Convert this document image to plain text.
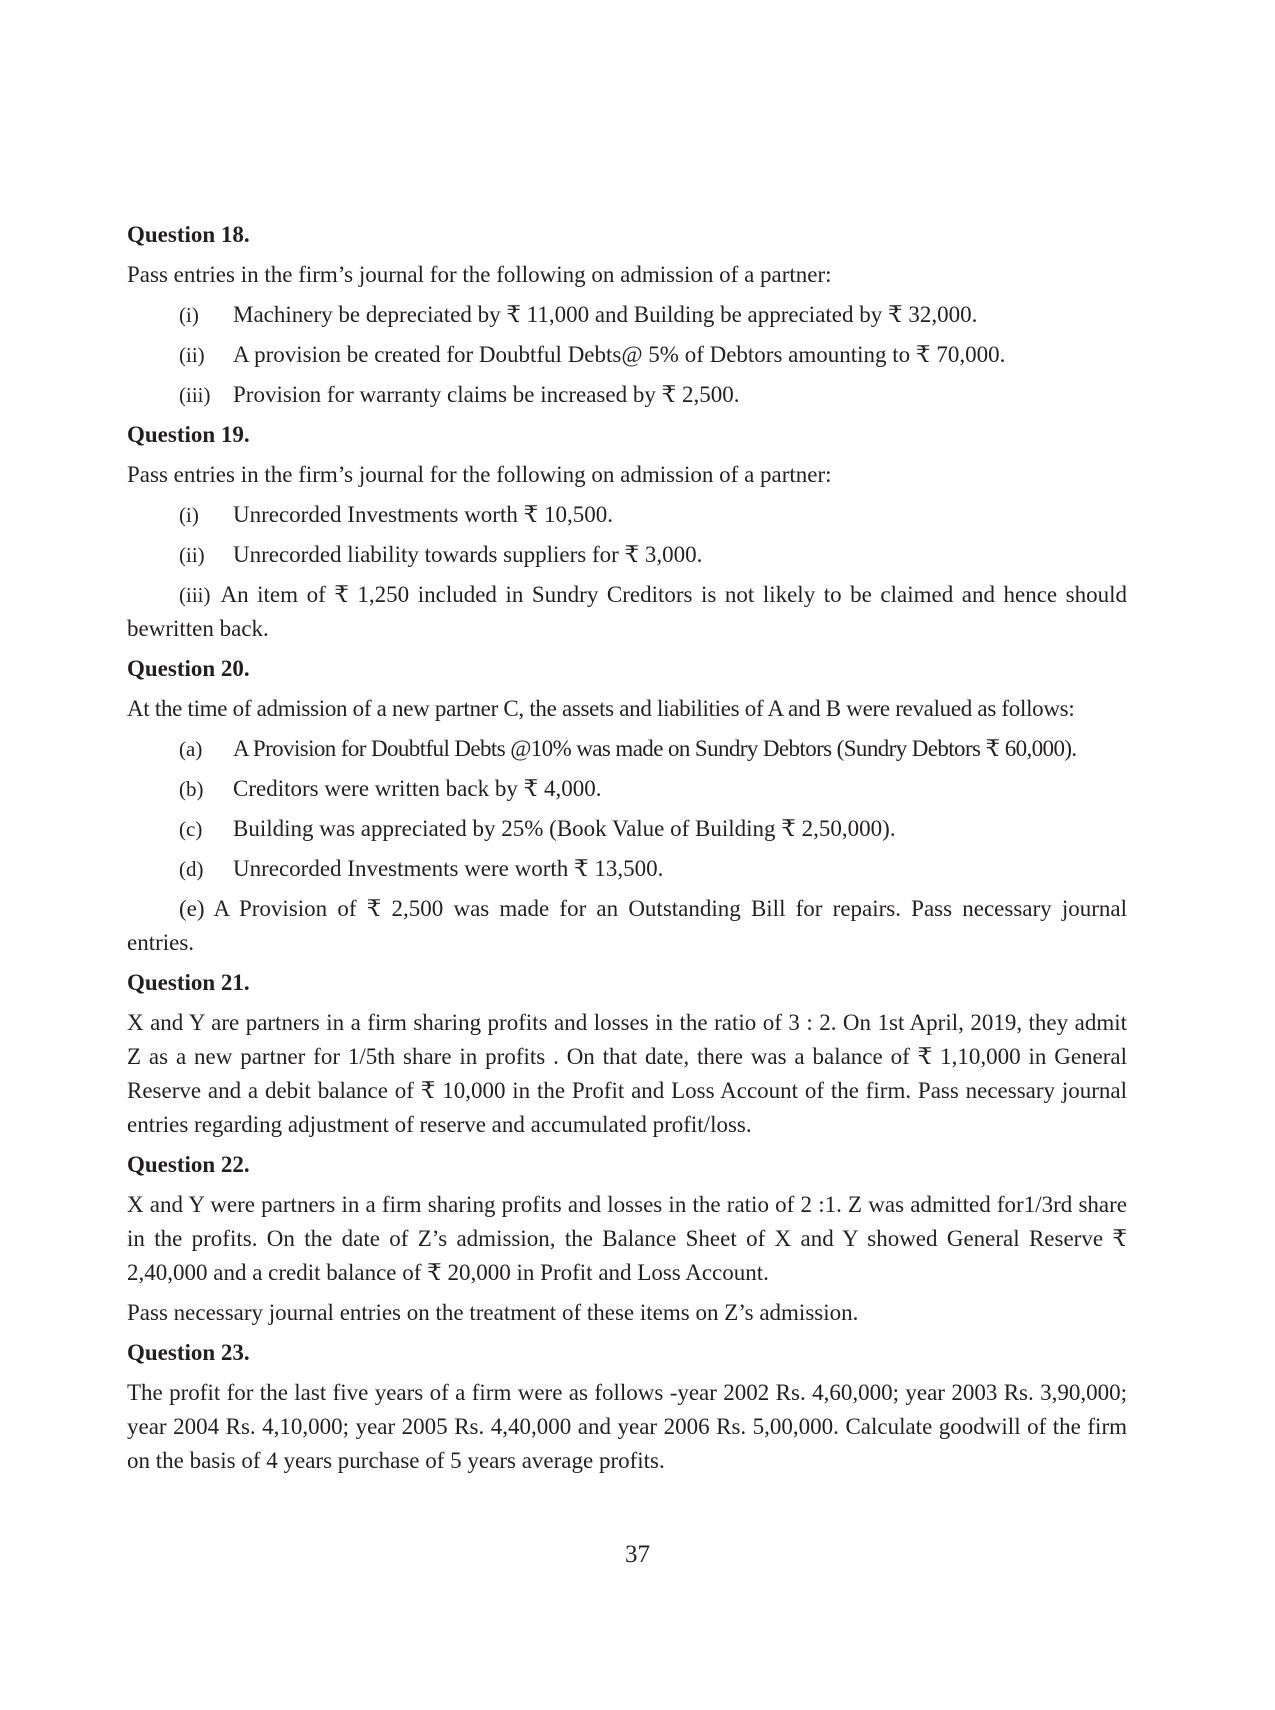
Question 18.

Pass entries in the firm’s journal for the following on admission of a partner:

(i)	Machinery be depreciated by ₹ 11,000 and Building be appreciated by ₹ 32,000.
(ii)	A provision be created for Doubtful Debts@ 5% of Debtors amounting to ₹ 70,000.
(iii) Provision for warranty claims be increased by ₹ 2,500.

Question 19.

Pass entries in the firm’s journal for the following on admission of a partner:

(i)	Unrecorded Investments worth ₹ 10,500.
(ii)	Unrecorded liability towards suppliers for ₹ 3,000.

(iii) An item of ₹ 1,250 included in Sundry Creditors is not likely to be claimed and hence should bewritten back.

Question 20.

At the time of admission of a new partner C, the assets and liabilities of A and B were revalued as follows:

(a)	A Provision for Doubtful Debts @10% was made on Sundry Debtors (Sundry Debtors ₹ 60,000).
(b)	Creditors were written back by ₹ 4,000.
(c)	Building was appreciated by 25% (Book Value of Building ₹ 2,50,000).
(d)	Unrecorded Investments were worth ₹ 13,500.

(e) A Provision of ₹ 2,500 was made for an Outstanding Bill for repairs. Pass necessary journal entries.

Question 21.

X and Y are partners in a firm sharing profits and losses in the ratio of 3 : 2. On 1st April, 2019, they admit Z as a new partner for 1/5th share in profits . On that date, there was a balance of ₹ 1,10,000 in General Reserve and a debit balance of ₹ 10,000 in the Profit and Loss Account of the firm. Pass necessary journal entries regarding adjustment of reserve and accumulated profit/loss.

Question 22.

X and Y were partners in a firm sharing profits and losses in the ratio of 2 :1. Z was admitted for1/3rd share in the profits. On the date of Z’s admission, the Balance Sheet of X and Y showed General Reserve ₹ 2,40,000 and a credit balance of ₹ 20,000 in Profit and Loss Account.

Pass necessary journal entries on the treatment of these items on Z’s admission.

Question 23.

The profit for the last five years of a firm were as follows -year 2002 Rs. 4,60,000; year 2003 Rs. 3,90,000; year 2004 Rs. 4,10,000; year 2005 Rs. 4,40,000 and year 2006 Rs. 5,00,000. Calculate goodwill of the firm on the basis of 4 years purchase of 5 years average profits.

37
